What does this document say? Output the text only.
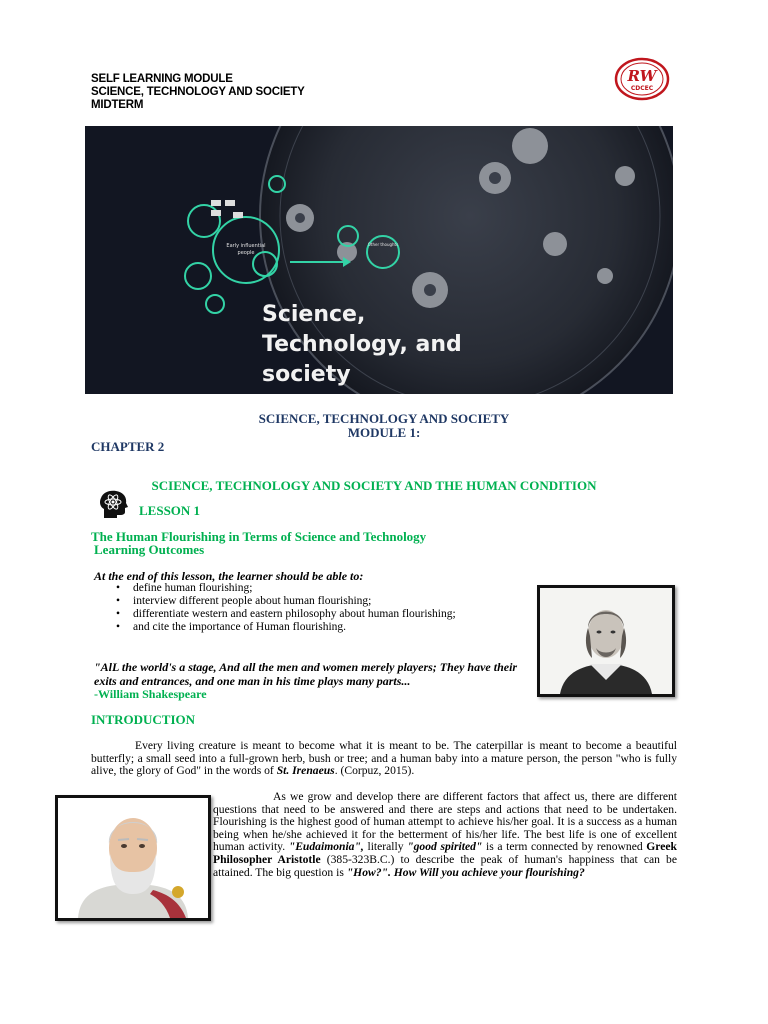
SELF LEARNING MODULE
SCIENCE, TECHNOLOGY AND SOCIETY
MIDTERM
RW
CDCEC
Early influential
people
Other thoughts
Science,
Technology, and
society
SCIENCE, TECHNOLOGY AND SOCIETY
MODULE 1:
CHAPTER 2
SCIENCE, TECHNOLOGY AND SOCIETY AND THE HUMAN CONDITION
LESSON 1
The Human Flourishing in Terms of Science and Technology
Learning Outcomes
At the end of this lesson, the learner should be able to:
• define human flourishing;
• interview different people about human flourishing;
• differentiate western and eastern philosophy about human flourishing;
• and cite the importance of Human flourishing.
"AlL the world's a stage, And all the men and women merely players; They have their exits and entrances, and one man in his time plays many parts...
-William Shakespeare
INTRODUCTION
Every living creature is meant to become what it is meant to be. The caterpillar is meant to become a beautiful butterfly; a small seed into a full-grown herb, bush or tree; and a human baby into a mature person, the person "who is fully alive, the glory of God" in the words of St. Irenaeus. (Corpuz, 2015).
As we grow and develop there are different factors that affect us, there are different questions that need to be answered and there are steps and actions that need to be undertaken. Flourishing is the highest good of human attempt to achieve his/her goal. It is a success as a human being when he/she achieved it for the betterment of his/her life. The best life is one of excellent human activity. "Eudaimonia", literally "good spirited" is a term connected by renowned Greek Philosopher Aristotle (385-323B.C.) to describe the peak of human's happiness that can be attained. The big question is "How?". How Will you achieve your flourishing?
